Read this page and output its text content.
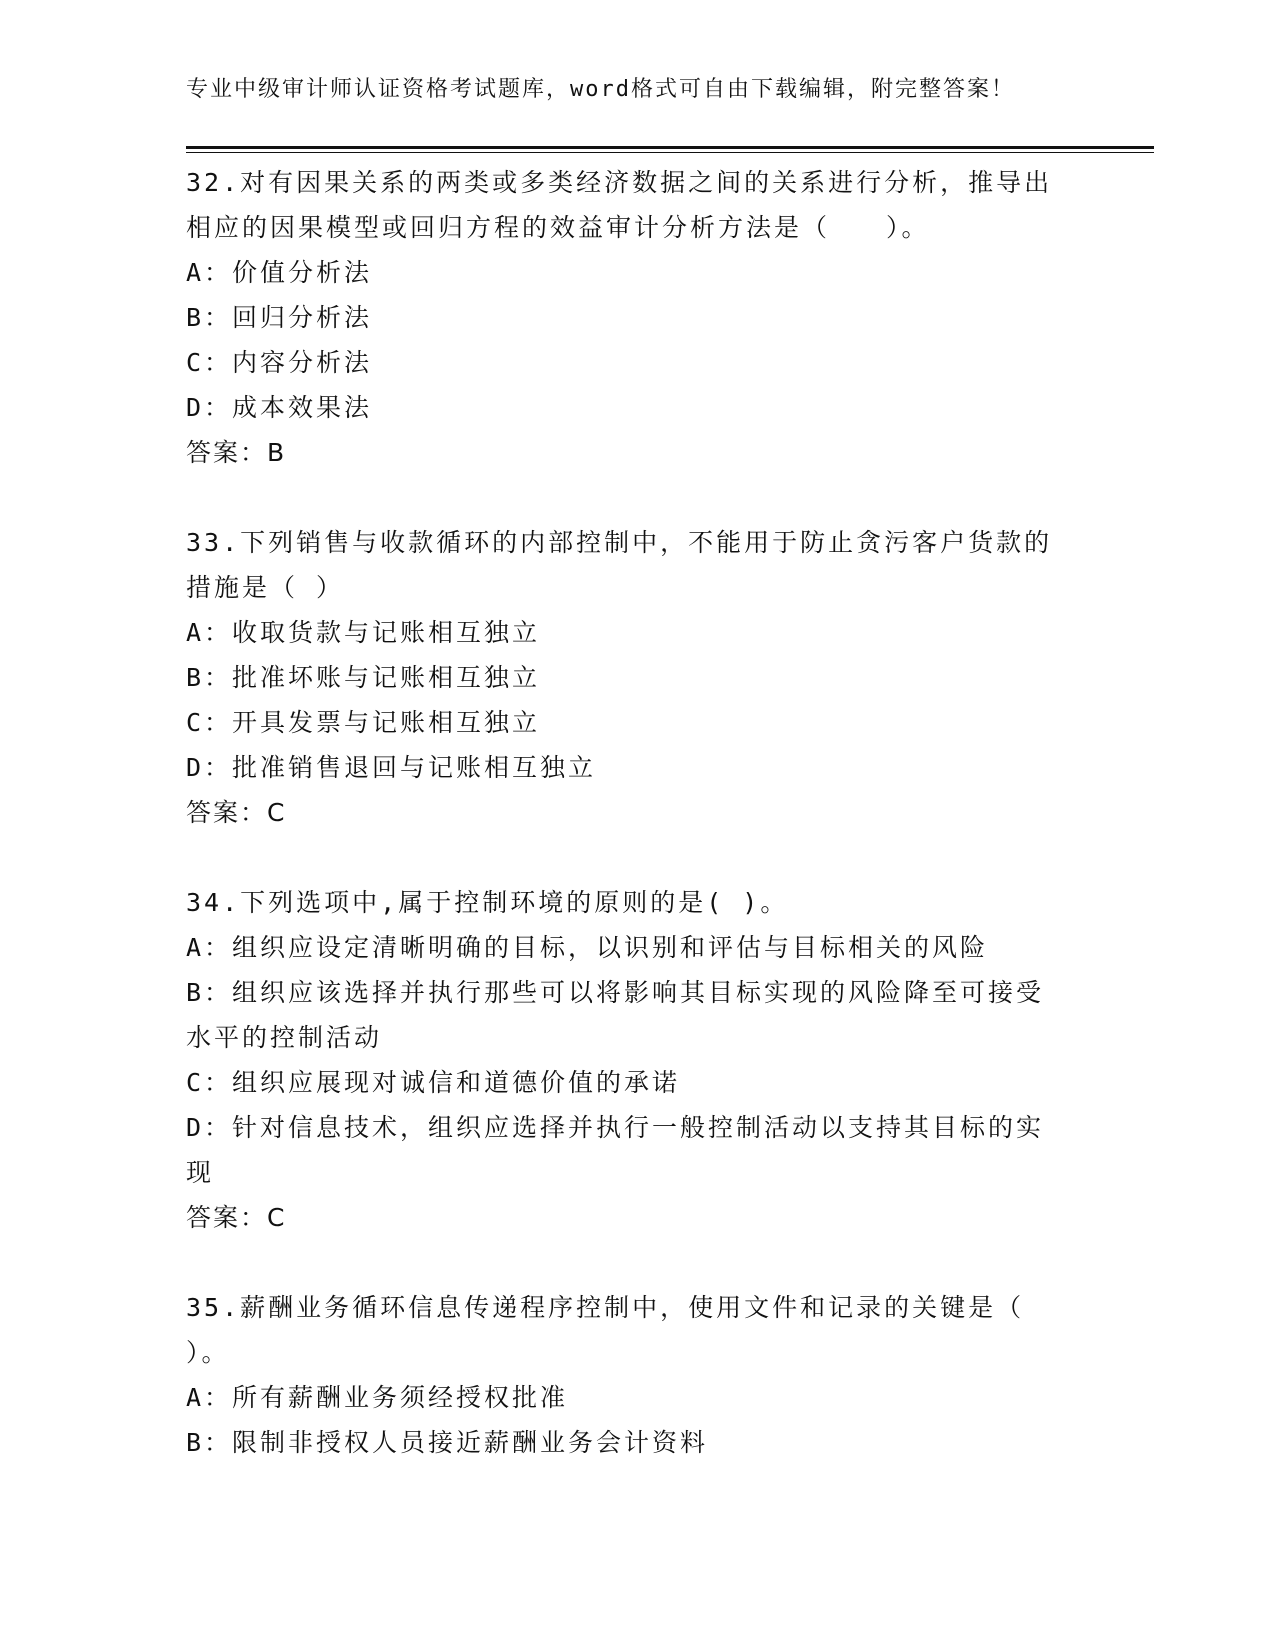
专业中级审计师认证资格考试题库，word格式可自由下载编辑，附完整答案！

32.对有因果关系的两类或多类经济数据之间的关系进行分析，推导出

相应的因果模型或回归方程的效益审计分析方法是（　　）。

A：价值分析法

B：回归分析法

C：内容分析法

D：成本效果法

答案：B

33.下列销售与收款循环的内部控制中，不能用于防止贪污客户货款的

措施是（ ）

A：收取货款与记账相互独立

B：批准坏账与记账相互独立

C：开具发票与记账相互独立

D：批准销售退回与记账相互独立

答案：C

34.下列选项中,属于控制环境的原则的是( )。

A：组织应设定清晰明确的目标，以识别和评估与目标相关的风险

B：组织应该选择并执行那些可以将影响其目标实现的风险降至可接受

水平的控制活动

C：组织应展现对诚信和道德价值的承诺

D：针对信息技术，组织应选择并执行一般控制活动以支持其目标的实

现

答案：C

35.薪酬业务循环信息传递程序控制中，使用文件和记录的关键是（

）。

A：所有薪酬业务须经授权批准

B：限制非授权人员接近薪酬业务会计资料
